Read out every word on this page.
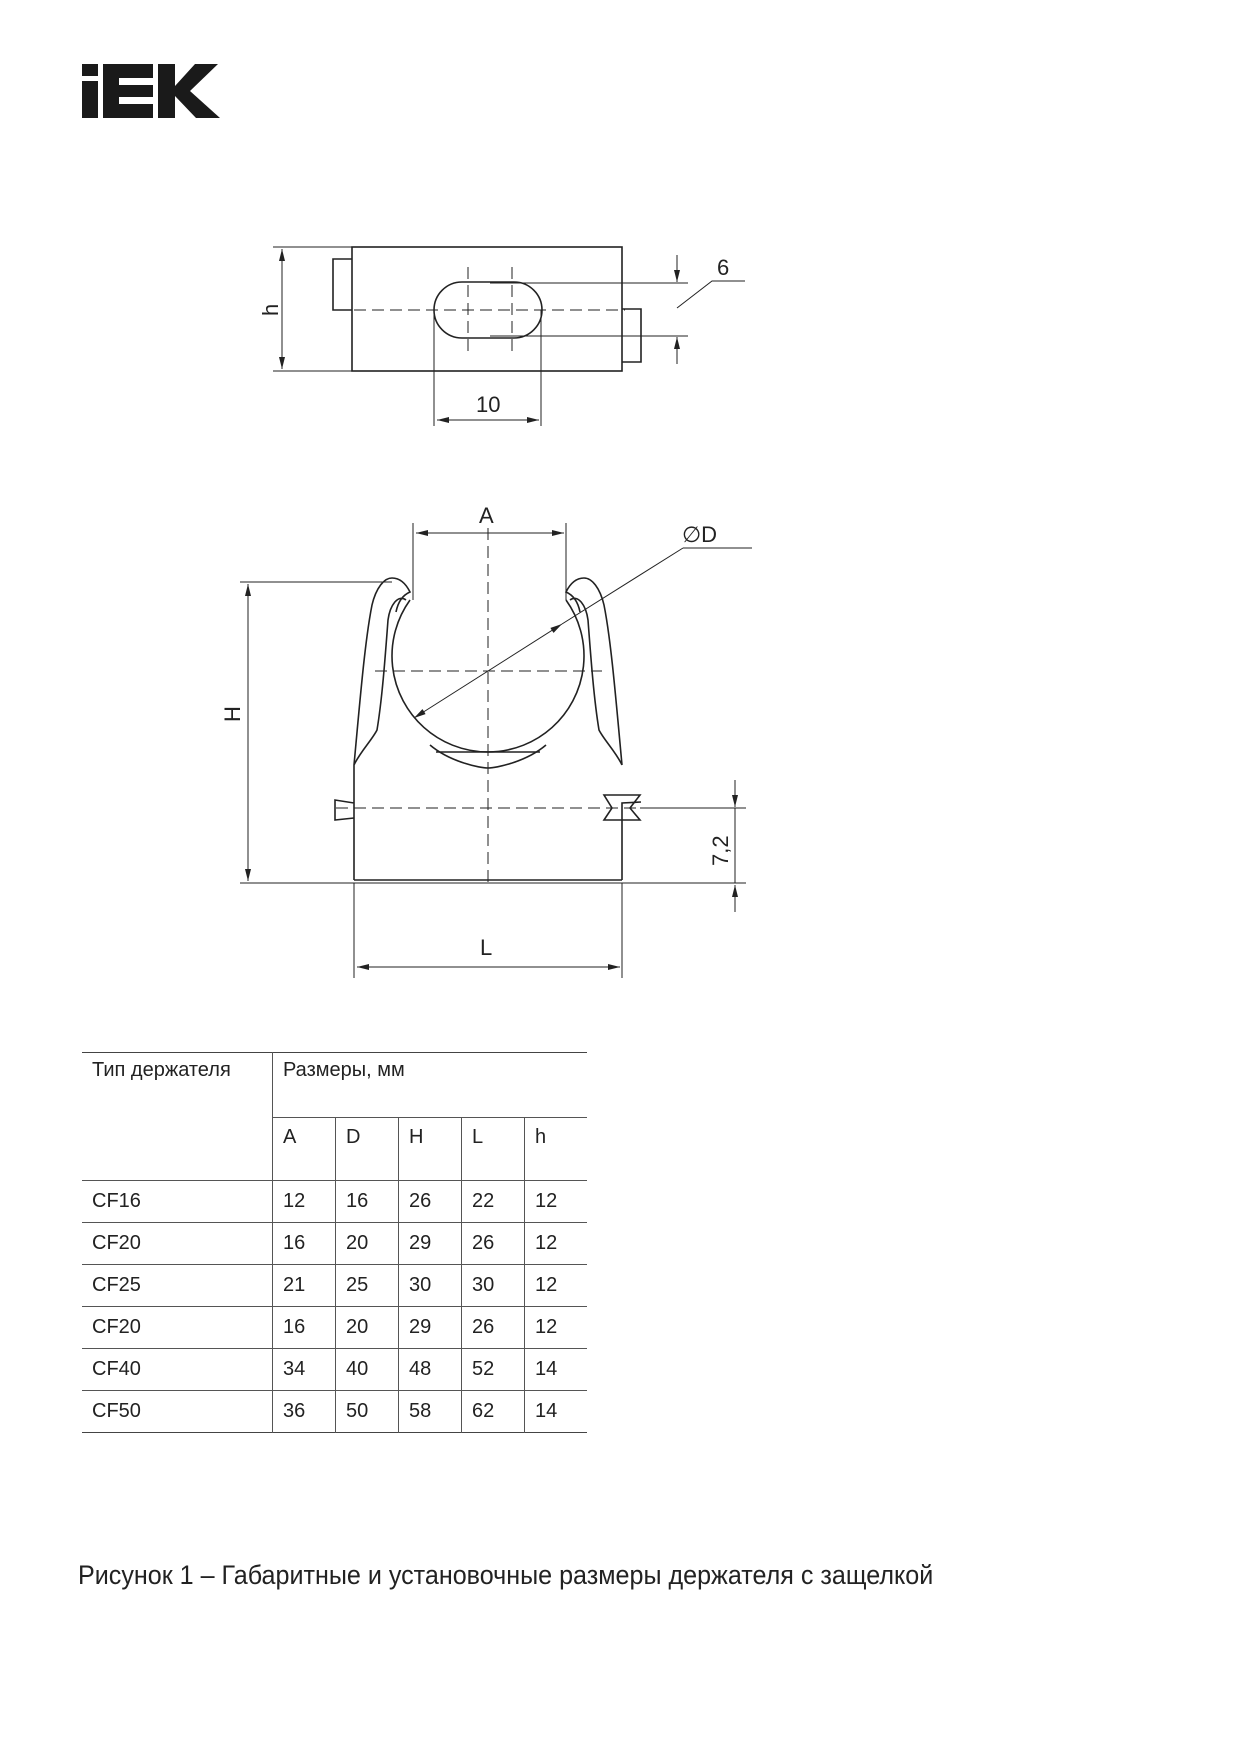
6
h
10
A
∅D
H
7,2
L
Тип держателя	Размеры, мм				
	A	D	H	L	h
CF16	12	16	26	22	12
CF20	16	20	29	26	12
CF25	21	25	30	30	12
CF20	16	20	29	26	12
CF40	34	40	48	52	14
CF50	36	50	58	62	14
Рисунок 1 – Габаритные и установочные размеры держателя с защелкой
